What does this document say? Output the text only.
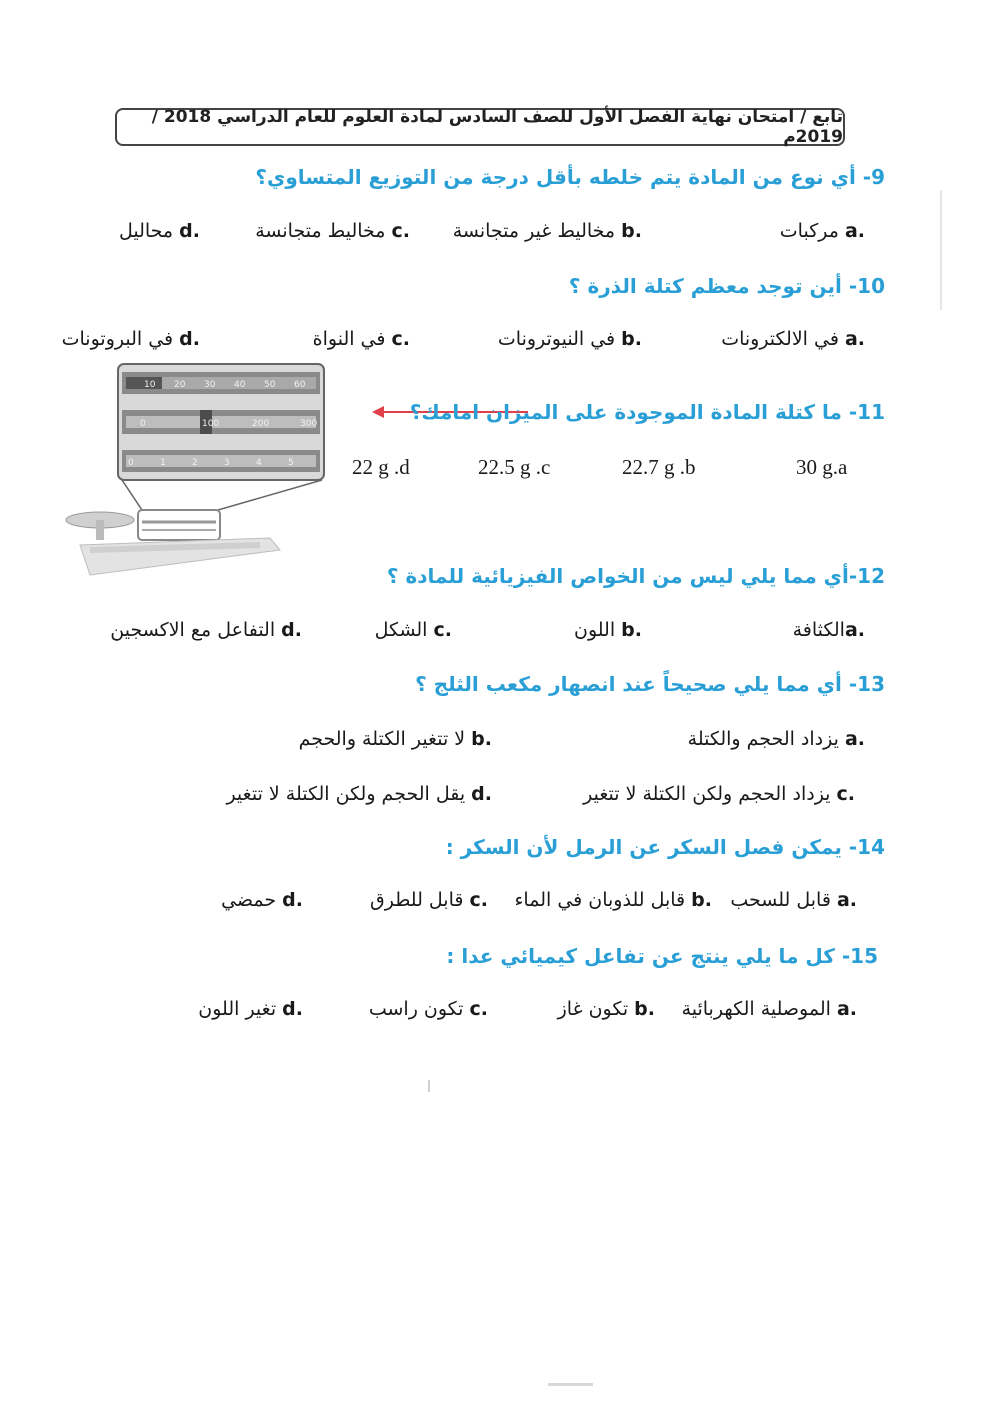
تابع / امتحان نهاية الفصل الأول للصف السادس لمادة العلوم للعام الدراسي 2018 / 2019م
9- أي نوع من المادة يتم خلطه بأقل درجة من التوزيع المتساوي؟
a. مركبات
b. مخاليط غير متجانسة
c. مخاليط متجانسة
d. محاليل
10- أين توجد معظم كتلة الذرة ؟
a. في الالكترونات
b. في النيوترونات
c. في النواة
d. في البروتونات
10 20 30 40 50 60
0	100	200	300
0	1	2	3	4	5
11- ما كتلة المادة الموجودة على الميزان امامك؟
30 g.a
22.7 g .b
22.5 g .c
22 g .d
12-أي مما يلي ليس من الخواص الفيزيائية للمادة ؟
a.الكثافة
b. اللون
c. الشكل
d. التفاعل مع الاكسجين
13- أي مما يلي صحيحاً عند انصهار مكعب الثلج ؟
a. يزداد الحجم والكتلة
b. لا تتغير الكتلة والحجم
c. يزداد الحجم ولكن الكتلة لا تتغير
d. يقل الحجم ولكن الكتلة لا تتغير
14- يمكن فصل السكر عن الرمل لأن السكر :
a. قابل للسحب
b. قابل للذوبان في الماء
c. قابل للطرق
d. حمضي
15- كل ما يلي ينتج عن تفاعل كيميائي عدا :
a. الموصلية الكهربائية
b. تكون غاز
c. تكون راسب
d. تغير اللون
